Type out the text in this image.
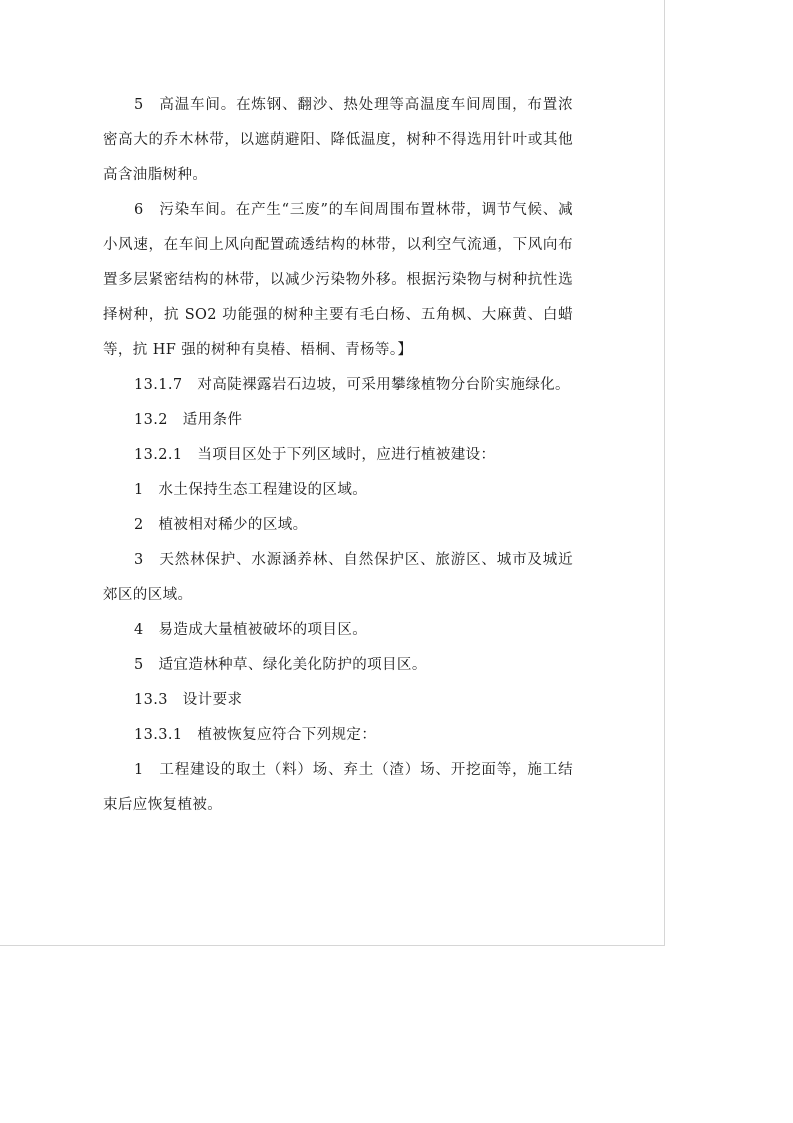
5　高温车间。在炼钢、翻沙、热处理等高温度车间周围，布置浓密高大的乔木林带，以遮荫避阳、降低温度，树种不得选用针叶或其他高含油脂树种。

6　污染车间。在产生“三废”的车间周围布置林带，调节气候、减小风速，在车间上风向配置疏透结构的林带，以利空气流通，下风向布置多层紧密结构的林带，以减少污染物外移。根据污染物与树种抗性选择树种，抗 SO2 功能强的树种主要有毛白杨、五角枫、大麻黄、白蜡等，抗 HF 强的树种有臭椿、梧桐、青杨等。】

13.1.7　对高陡裸露岩石边坡，可采用攀缘植物分台阶实施绿化。

13.2　适用条件

13.2.1　当项目区处于下列区域时，应进行植被建设：

1　水土保持生态工程建设的区域。

2　植被相对稀少的区域。

3　天然林保护、水源涵养林、自然保护区、旅游区、城市及城近郊区的区域。

4　易造成大量植被破坏的项目区。

5　适宜造林种草、绿化美化防护的项目区。

13.3　设计要求

13.3.1　植被恢复应符合下列规定：

1　工程建设的取土（料）场、弃土（渣）场、开挖面等，施工结束后应恢复植被。
